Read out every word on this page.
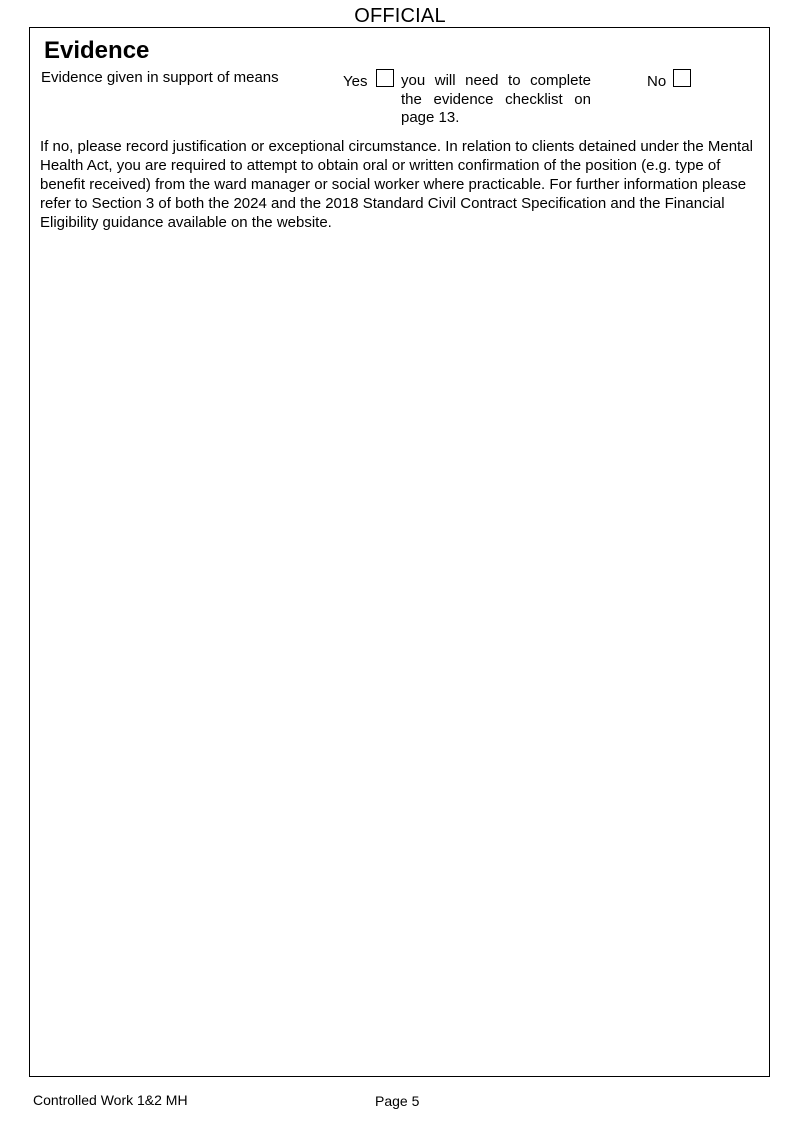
OFFICIAL
Evidence
Evidence given in support of means	Yes you will need to complete the evidence checklist on page 13.
No
If no, please record justification or exceptional circumstance. In relation to clients detained under the Mental Health Act, you are required to attempt to obtain oral or written confirmation of the position (e.g. type of benefit received) from the ward manager or social worker where practicable. For further information please refer to Section 3 of both the 2024 and the 2018 Standard Civil Contract Specification and the Financial Eligibility guidance available on the website.
Controlled Work 1&2 MH	Page 5
